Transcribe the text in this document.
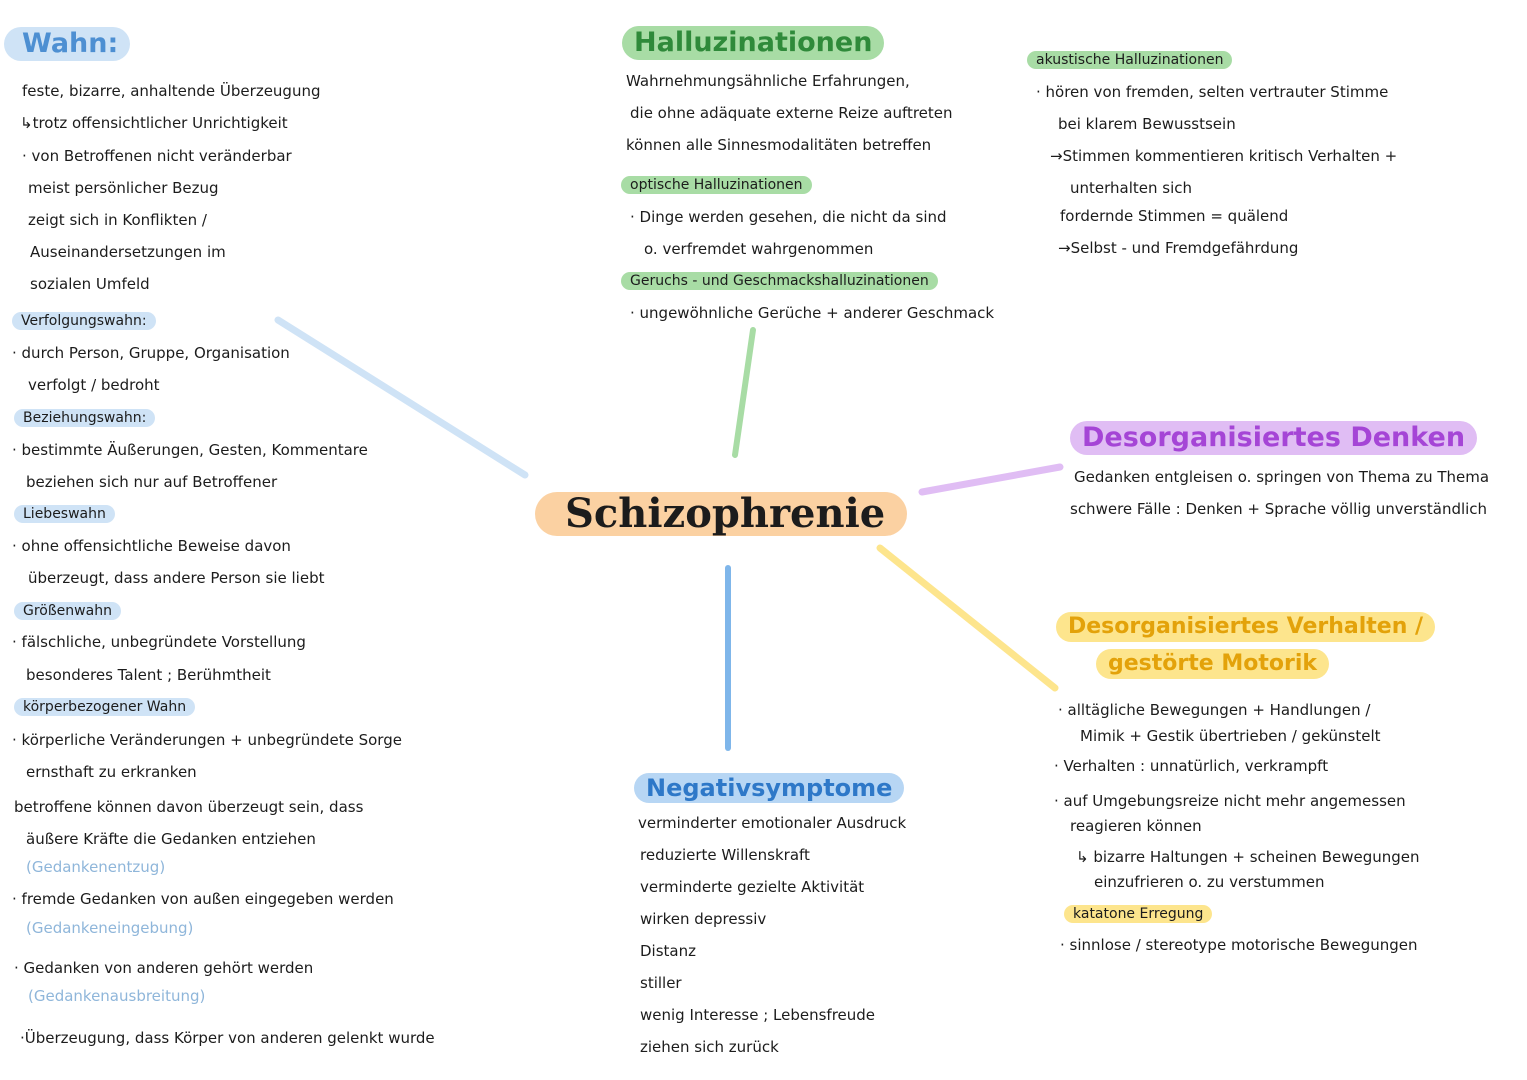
Schizophrenie
Wahn:
feste, bizarre, anhaltende Überzeugung
↳trotz offensichtlicher Unrichtigkeit
· von Betroffenen nicht veränderbar
meist persönlicher Bezug
zeigt sich in Konflikten /
Auseinandersetzungen im
sozialen Umfeld
Verfolgungswahn:
· durch Person, Gruppe, Organisation
verfolgt / bedroht
Beziehungswahn:
· bestimmte Äußerungen, Gesten, Kommentare
beziehen sich nur auf Betroffener
Liebeswahn
· ohne offensichtliche Beweise davon
überzeugt, dass andere Person sie liebt
Größenwahn
· fälschliche, unbegründete Vorstellung
besonderes Talent ; Berühmtheit
körperbezogener Wahn
· körperliche Veränderungen + unbegründete Sorge
ernsthaft zu erkranken
betroffene können davon überzeugt sein, dass
äußere Kräfte die Gedanken entziehen
(Gedankenentzug)
· fremde Gedanken von außen eingegeben werden
(Gedankeneingebung)
· Gedanken von anderen gehört werden
(Gedankenausbreitung)
·Überzeugung, dass Körper von anderen gelenkt wurde
Halluzinationen
Wahrnehmungsähnliche Erfahrungen,
die ohne adäquate externe Reize auftreten
können alle Sinnesmodalitäten betreffen
optische Halluzinationen
· Dinge werden gesehen, die nicht da sind
o. verfremdet wahrgenommen
Geruchs - und Geschmackshalluzinationen
· ungewöhnliche Gerüche + anderer Geschmack
akustische Halluzinationen
· hören von fremden, selten vertrauter Stimme
bei klarem Bewusstsein
→Stimmen kommentieren kritisch Verhalten +
unterhalten sich
fordernde Stimmen = quälend
→Selbst - und Fremdgefährdung
Desorganisiertes Denken
Gedanken entgleisen o. springen von Thema zu Thema
schwere Fälle : Denken + Sprache völlig unverständlich
Desorganisiertes Verhalten /
gestörte Motorik
· alltägliche Bewegungen + Handlungen /
Mimik + Gestik übertrieben / gekünstelt
· Verhalten : unnatürlich, verkrampft
· auf Umgebungsreize nicht mehr angemessen
reagieren können
↳ bizarre Haltungen + scheinen Bewegungen
einzufrieren o. zu verstummen
katatone Erregung
· sinnlose / stereotype motorische Bewegungen
Negativsymptome
verminderter emotionaler Ausdruck
reduzierte Willenskraft
verminderte gezielte Aktivität
wirken depressiv
Distanz
stiller
wenig Interesse ; Lebensfreude
ziehen sich zurück
